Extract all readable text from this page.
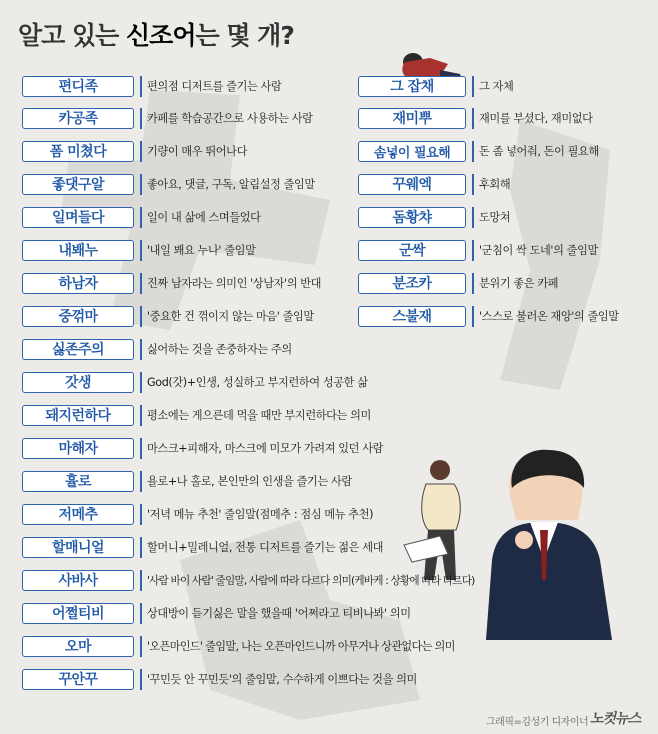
알고 있는 신조어는 몇 개?
편디족	편의점 디저트를 즐기는 사람
카공족	카페를 학습공간으로 사용하는 사람
폼 미쳤다	기량이 매우 뛰어나다
좋댓구알	좋아요, 댓글, 구독, 알림설정 줄임말
일며들다	일이 내 삶에 스며들었다
내봬누	'내일 봬요 누나' 줄임말
하남자	진짜 남자라는 의미인 '상남자'의 반대
중꺾마	'중요한 건 꺾이지 않는 마음' 줄임말
싫존주의	싫어하는 것을 존중하자는 주의
갓생	God(갓)+인생, 성실하고 부지런하여 성공한 삶
돼지런하다	평소에는 게으른데 먹을 때만 부지런하다는 의미
마해자	마스크+피해자, 마스크에 미모가 가려져 있던 사람
휼로	욜로+나 홀로, 본인만의 인생을 즐기는 사람
저메추	'저녁 메뉴 추천' 줄임말(점메추 : 점심 메뉴 추천)
할매니얼	할머니+밀레니얼, 전통 디저트를 즐기는 젊은 세대
사바사	'사람 바이 사람' 줄임말, 사람에 따라 다르다 의미(케바케 : 상황에 따라 다르다)
어쩔티비	상대방이 듣기싫은 말을 했을때 '어쩌라고 티비나봐' 의미
오마	'오픈마인드' 줄임말, 나는 오픈마인드니까 아무거나 상관없다는 의미
꾸안꾸	'꾸민듯 안 꾸민듯'의 줄임말, 수수하게 이쁘다는 것을 의미
그 잡채	그 자체
재미뿌	재미를 부셨다, 재미없다
솜넣이 필요해	돈 좀 넣어줘, 돈이 필요해
꾸웨엑	후회해
돔황챠	도망쳐
군싹	'군침이 싹 도네'의 줄임말
분조카	분위기 좋은 카페
스불재	'스스로 불러온 재앙'의 줄임말
그래픽=김성기 디자이너 노컷뉴스
